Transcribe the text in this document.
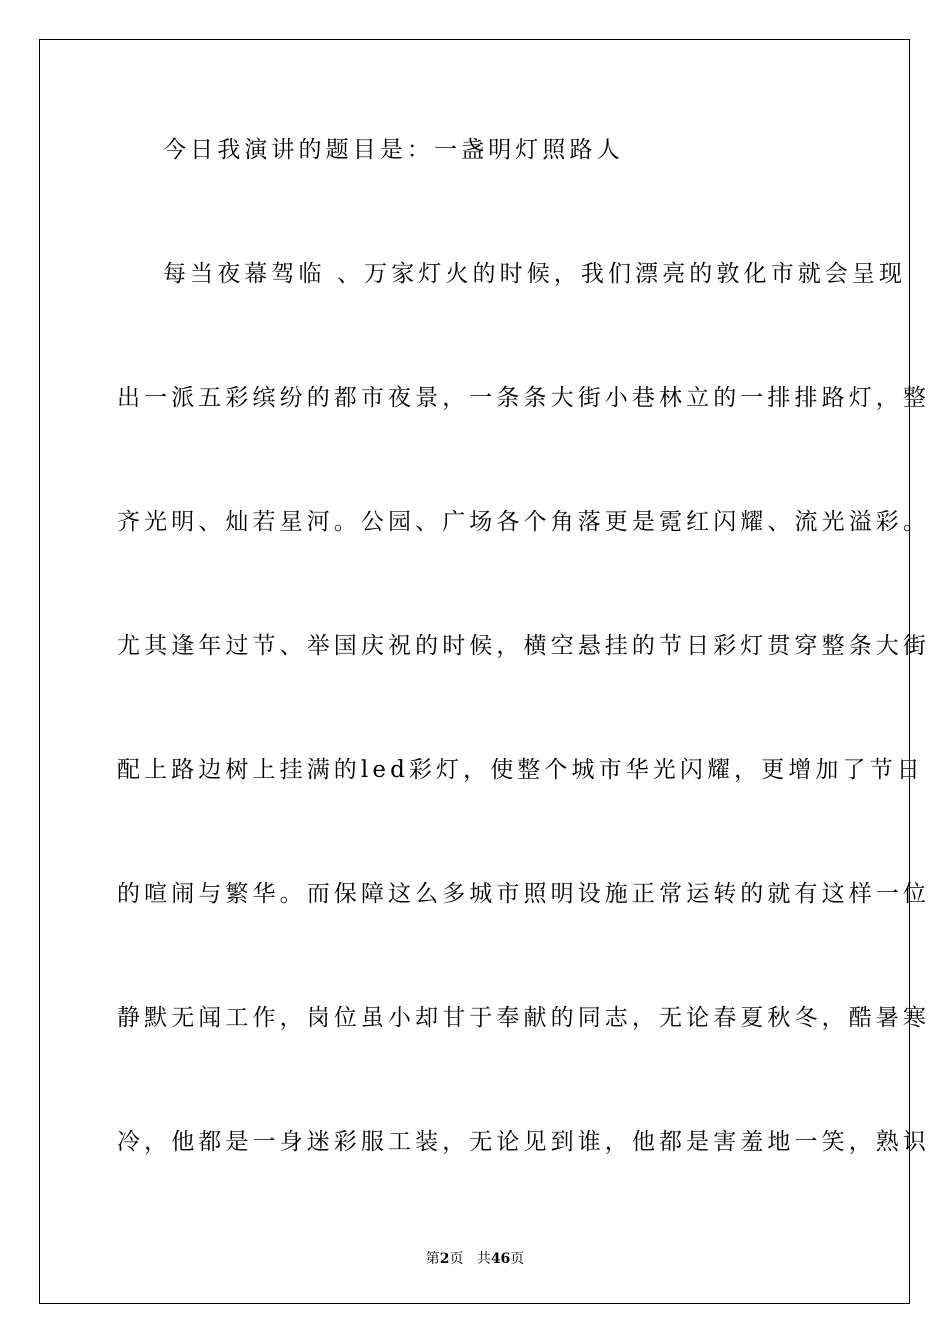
今日我演讲的题目是：一盏明灯照路人
每当夜幕驾临 、万家灯火的时候，我们漂亮的敦化市就会呈现
出一派五彩缤纷的都市夜景，一条条大街小巷林立的一排排路灯，整
齐光明、灿若星河。公园、广场各个角落更是霓红闪耀、流光溢彩。
尤其逢年过节、举国庆祝的时候，横空悬挂的节日彩灯贯穿整条大街
配上路边树上挂满的led彩灯，使整个城市华光闪耀，更增加了节日
的喧闹与繁华。而保障这么多城市照明设施正常运转的就有这样一位
静默无闻工作，岗位虽小却甘于奉献的同志，无论春夏秋冬，酷暑寒
冷，他都是一身迷彩服工装，无论见到谁，他都是害羞地一笑，熟识
第2页   共46页
